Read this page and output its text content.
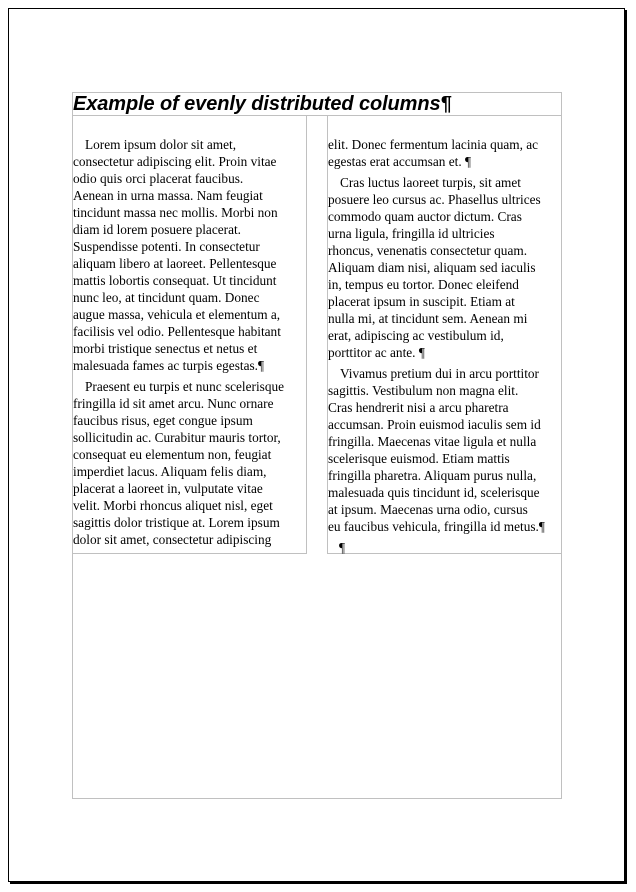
Example of evenly distributed columns¶
Lorem ipsum dolor sit amet,
consectetur adipiscing elit. Proin vitae
odio quis orci placerat faucibus.
Aenean in urna massa. Nam feugiat
tincidunt massa nec mollis. Morbi non
diam id lorem posuere placerat.
Suspendisse potenti. In consectetur
aliquam libero at laoreet. Pellentesque
mattis lobortis consequat. Ut tincidunt
nunc leo, at tincidunt quam. Donec
augue massa, vehicula et elementum a,
facilisis vel odio. Pellentesque habitant
morbi tristique senectus et netus et
malesuada fames ac turpis egestas.¶
Praesent eu turpis et nunc scelerisque
fringilla id sit amet arcu. Nunc ornare
faucibus risus, eget congue ipsum
sollicitudin ac. Curabitur mauris tortor,
consequat eu elementum non, feugiat
imperdiet lacus. Aliquam felis diam,
placerat a laoreet in, vulputate vitae
velit. Morbi rhoncus aliquet nisl, eget
sagittis dolor tristique at. Lorem ipsum
dolor sit amet, consectetur adipiscing
elit. Donec fermentum lacinia quam, ac
egestas erat accumsan et. ¶
Cras luctus laoreet turpis, sit amet
posuere leo cursus ac. Phasellus ultrices
commodo quam auctor dictum. Cras
urna ligula, fringilla id ultricies
rhoncus, venenatis consectetur quam.
Aliquam diam nisi, aliquam sed iaculis
in, tempus eu tortor. Donec eleifend
placerat ipsum in suscipit. Etiam at
nulla mi, at tincidunt sem. Aenean mi
erat, adipiscing ac vestibulum id,
porttitor ac ante. ¶
Vivamus pretium dui in arcu porttitor
sagittis. Vestibulum non magna elit.
Cras hendrerit nisi a arcu pharetra
accumsan. Proin euismod iaculis sem id
fringilla. Maecenas vitae ligula et nulla
scelerisque euismod. Etiam mattis
fringilla pharetra. Aliquam purus nulla,
malesuada quis tincidunt id, scelerisque
at ipsum. Maecenas urna odio, cursus
eu faucibus vehicula, fringilla id metus.¶
¶
